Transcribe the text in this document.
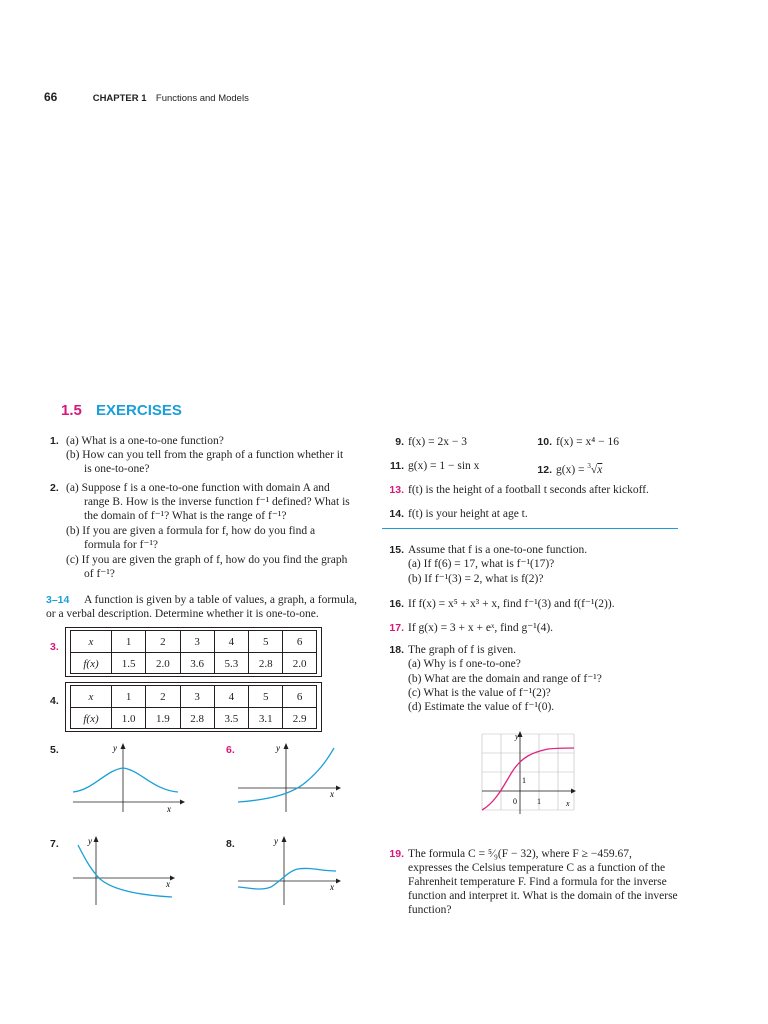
66	CHAPTER 1 Functions and Models
1.5 EXERCISES
1. (a) What is a one-to-one function?
(b) How can you tell from the graph of a function whether it
is one-to-one?
2. (a) Suppose f is a one-to-one function with domain A and
range B. How is the inverse function f⁻¹ defined? What is
the domain of f⁻¹? What is the range of f⁻¹?
(b) If you are given a formula for f, how do you find a
formula for f⁻¹?
(c) If you are given the graph of f, how do you find the graph
of f⁻¹?
3–14 A function is given by a table of values, a graph, a formula,
or a verbal description. Determine whether it is one-to-one.
3.	x	1	2	3	4	5	6
f(x)	1.5	2.0	3.6	5.3	2.8	2.0
4.	x	1	2	3	4	5	6
f(x)	1.0	1.9	2.8	3.5	3.1	2.9
5.	y
x
6.	y
x
7.	y
x
8.	y
x
9. f(x) = 2x − 3	10. f(x) = x⁴ − 16
11. g(x) = 1 − sin x	12. g(x) = $^3$√x
13. f(t) is the height of a football t seconds after kickoff.
14. f(t) is your height at age t.
15. Assume that f is a one-to-one function.
(a) If f(6) = 17, what is f⁻¹(17)?
(b) If f⁻¹(3) = 2, what is f(2)?
16. If f(x) = x⁵ + x³ + x, find f⁻¹(3) and f(f⁻¹(2)).
17. If g(x) = 3 + x + eˣ, find g⁻¹(4).
18. The graph of f is given.
(a) Why is f one-to-one?
(b) What are the domain and range of f⁻¹?
(c) What is the value of f⁻¹(2)?
(d) Estimate the value of f⁻¹(0).
y
x
1
1
0
19. The formula C = ⁵⁄₉(F − 32), where F ≥ −459.67,
expresses the Celsius temperature C as a function of the
Fahrenheit temperature F. Find a formula for the inverse
function and interpret it. What is the domain of the inverse
function?
